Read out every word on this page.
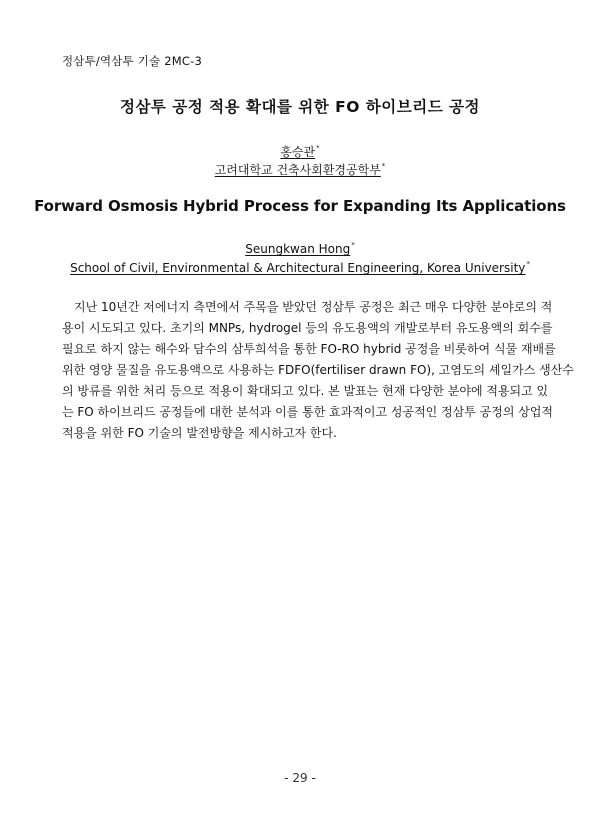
정삼투/역삼투 기술 2MC-3
정삼투 공정 적용 확대를 위한 FO 하이브리드 공정
홍승관*
고려대학교 건축사회환경공학부*
Forward Osmosis Hybrid Process for Expanding Its Applications
Seungkwan Hong*
School of Civil, Environmental & Architectural Engineering, Korea University*
지난 10년간 저에너지 측면에서 주목을 받았던 정삼투 공정은 최근 매우 다양한 분야로의 적
용이 시도되고 있다. 초기의 MNPs, hydrogel 등의 유도용액의 개발로부터 유도용액의 회수를
필요로 하지 않는 해수와 담수의 삼투희석을 통한 FO-RO hybrid 공정을 비롯하여 식물 재배를
위한 영양 물질을 유도용액으로 사용하는 FDFO(fertiliser drawn FO), 고염도의 셰일가스 생산수
의 방류를 위한 처리 등으로 적용이 확대되고 있다. 본 발표는 현재 다양한 분야에 적용되고 있
는 FO 하이브리드 공정들에 대한 분석과 이를 통한 효과적이고 성공적인 정삼투 공정의 상업적
적용을 위한 FO 기술의 발전방향을 제시하고자 한다.
- 29 -
